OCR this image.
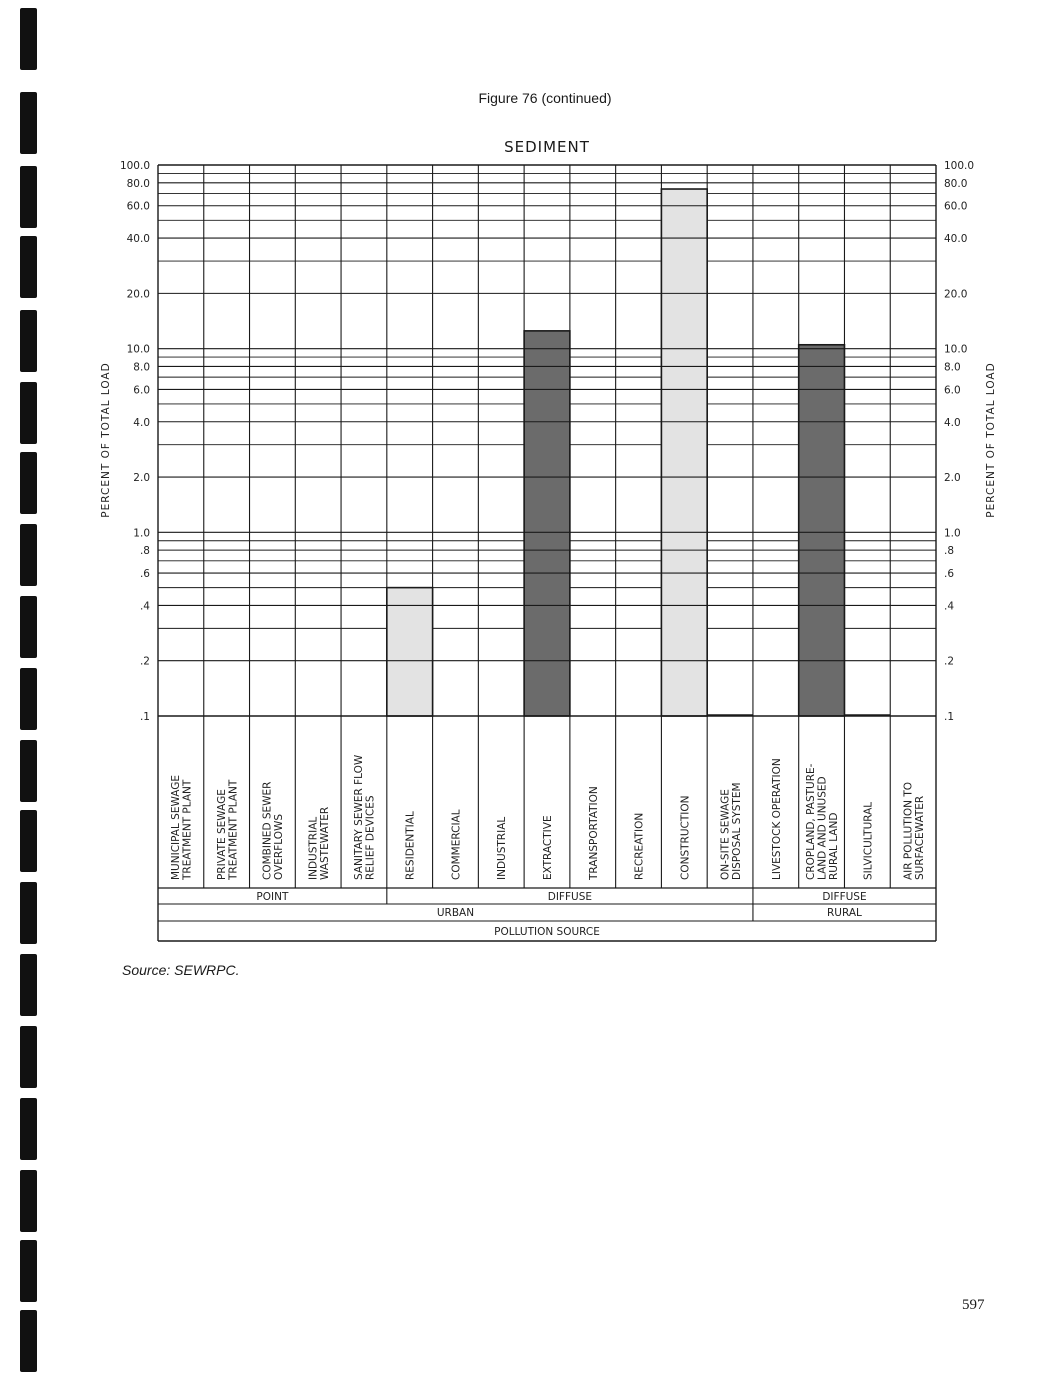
Figure 76 (continued)
SEDIMENT
100.0	100.0
80.0	80.0
60.0	60.0
40.0	40.0
20.0	20.0
10.0	10.0
8.0	8.0
6.0	6.0
4.0	4.0
2.0	2.0
1.0	1.0
.8	.8
.6	.6
.4	.4
.2	.2
.1	.1
MUNICIPAL SEWAGE TREATMENT PLANT PRIVATE SEWAGE TREATMENT PLANT COMBINED SEWER OVERFLOWS INDUSTRIAL WASTEWATER SANITARY SEWER FLOW RELIEF DEVICES	RESIDENTIAL	COMMERCIAL	INDUSTRIAL	EXTRACTIVE	TRANSPORTATION	RECREATION	CONSTRUCTION	ON-SITE SEWAGE DISPOSAL SYSTEM	LIVESTOCK OPERATION CROPLAND, PASTURE- LAND AND UNUSED RURAL LAND SILVICULTURAL	AIR POLLUTION TO SURFACEWATER
POINT	DIFFUSE
URBAN
DIFFUSE
RURAL
POLLUTION SOURCE
PERCENT OF TOTAL LOAD	PERCENT OF TOTAL LOAD
Source: SEWRPC.
597
